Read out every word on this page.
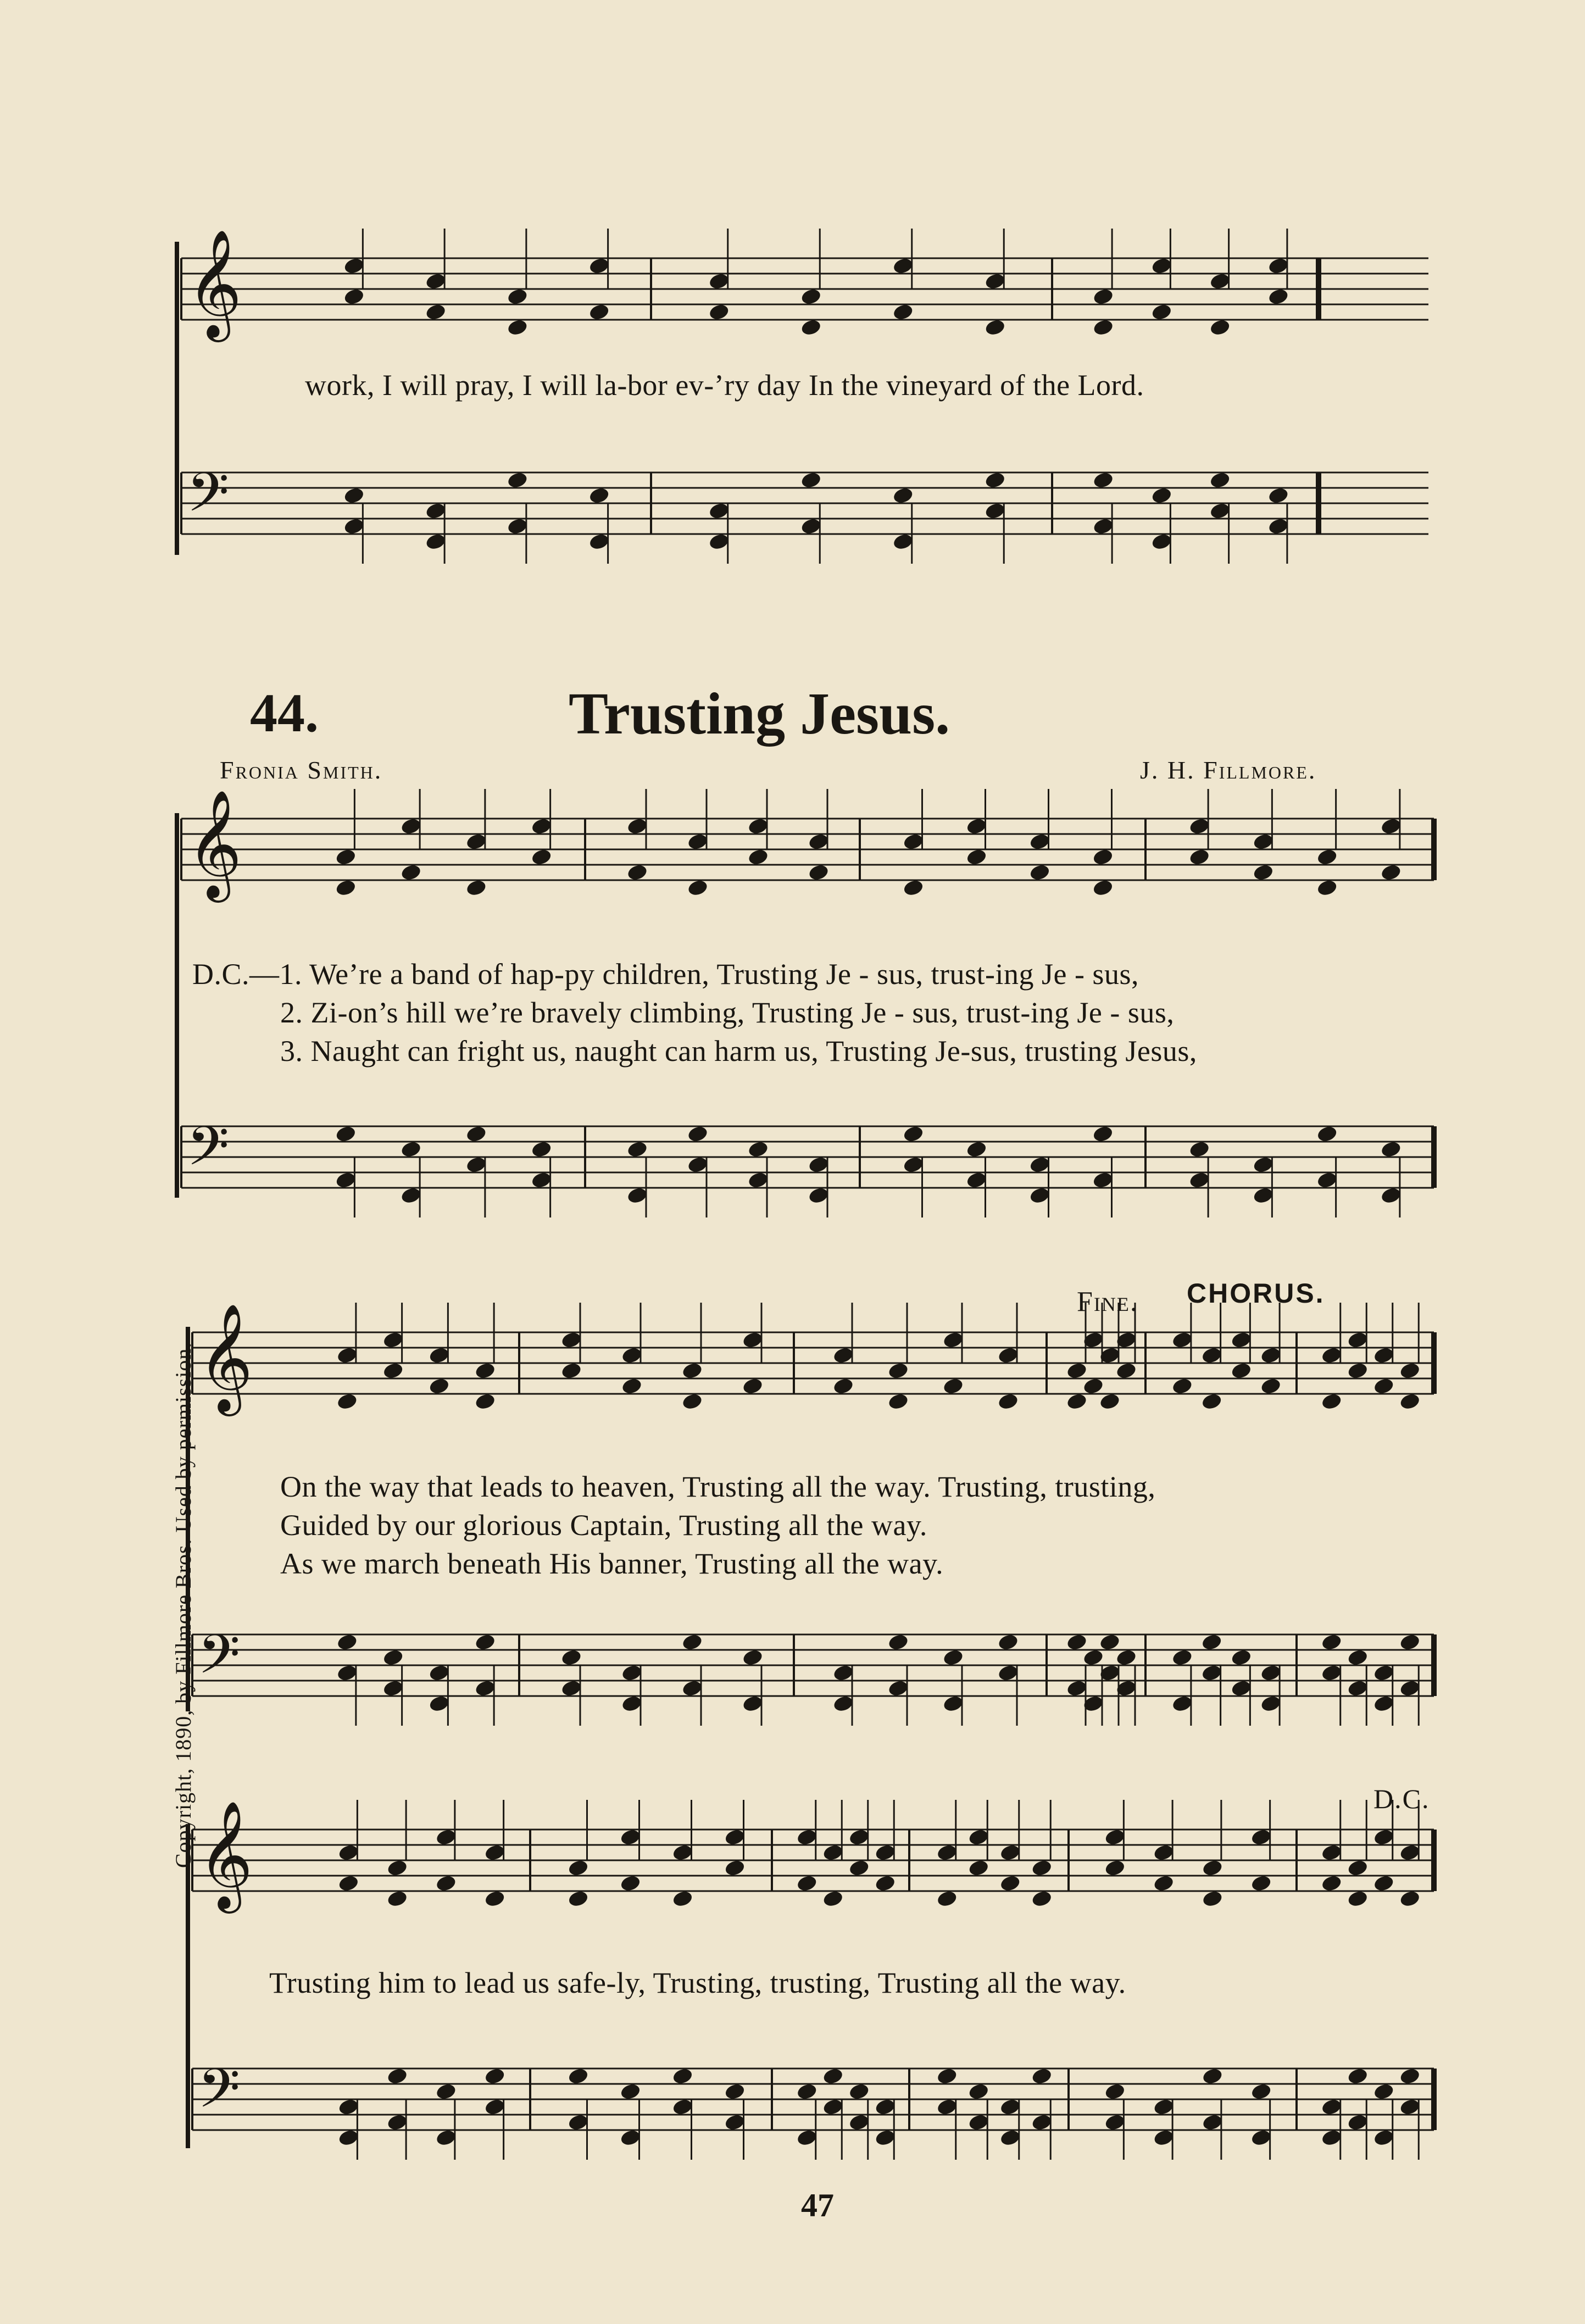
𝄞
work, I will pray, I will la-bor ev-’ry day In the vineyard of the Lord.
𝄢
44.	Trusting Jesus.
Fronia Smith.	J. H. Fillmore.
𝄞
D.C.—1. We’re a band of hap-py children, Trusting Je - sus, trust-ing Je - sus,
2. Zi-on’s hill we’re bravely climbing, Trusting Je - sus, trust-ing Je - sus,
3. Naught can fright us, naught can harm us, Trusting Je-sus, trusting Jesus,
𝄢
Fine. CHORUS.
𝄞
On the way that leads to heaven, Trusting all the way. Trusting, trusting,
Guided by our glorious Captain, Trusting all the way.
As we march beneath His banner, Trusting all the way.
𝄢
D.C.
𝄞
Trusting him to lead us safe-ly, Trusting, trusting, Trusting all the way.
𝄢
Copyright, 1890, by Fillmore Bros. Used by permission.
47
